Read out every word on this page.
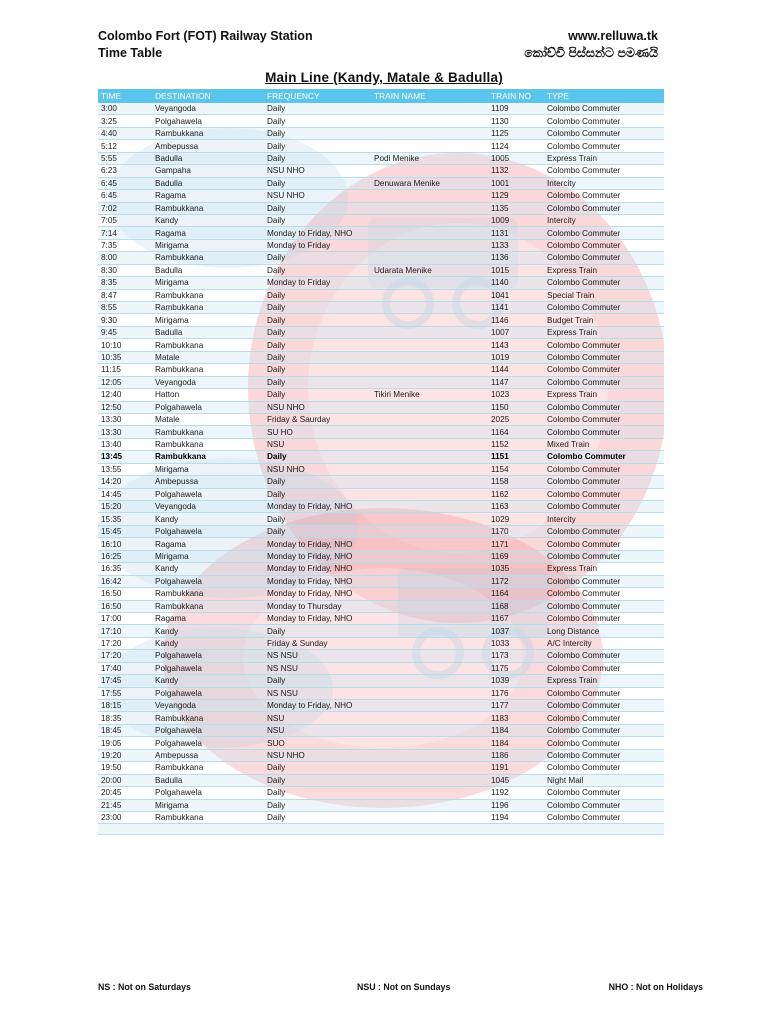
Colombo Fort (FOT) Railway Station
Time Table
www.relluwa.tk
කෝච්චි පිස්සන්ට පමණයි
Main Line (Kandy, Matale & Badulla)
TIME	DESTINATION	FREQUENCY	TRAIN NAME	TRAIN NO	TYPE
3:00	Veyangoda	Daily		1109	Colombo Commuter
3:25	Polgahawela	Daily		1130	Colombo Commuter
4:40	Rambukkana	Daily		1125	Colombo Commuter
5:12	Ambepussa	Daily		1124	Colombo Commuter
5:55	Badulla	Daily	Podi Menike	1005	Express Train
6:23	Gampaha	NSU NHO		1132	Colombo Commuter
6:45	Badulla	Daily	Denuwara Menike	1001	Intercity
6:45	Ragama	NSU NHO		1129	Colombo Commuter
7:02	Rambukkana	Daily		1135	Colombo Commuter
7:05	Kandy	Daily		1009	Intercity
7:14	Ragama	Monday to Friday, NHO		1131	Colombo Commuter
7:35	Mirigama	Monday to Friday		1133	Colombo Commuter
8:00	Rambukkana	Daily		1136	Colombo Commuter
8:30	Badulla	Daily	Udarata Menike	1015	Express Train
8:35	Mirigama	Monday to Friday		1140	Colombo Commuter
8:47	Rambukkana	Daily		1041	Special Train
8:55	Rambukkana	Daily		1141	Colombo Commuter
9:30	Mirigama	Daily		1146	Budget Train
9:45	Badulla	Daily		1007	Express Train
10:10	Rambukkana	Daily		1143	Colombo Commuter
10:35	Matale	Daily		1019	Colombo Commuter
11:15	Rambukkana	Daily		1144	Colombo Commuter
12:05	Veyangoda	Daily		1147	Colombo Commuter
12:40	Hatton	Daily	Tikiri Menike	1023	Express Train
12:50	Polgahawela	NSU NHO		1150	Colombo Commuter
13:30	Matale	Friday & Saurday		2025	Colombo Commuter
13:30	Rambukkana	SU HO		1164	Colombo Commuter
13:40	Rambukkana	NSU		1152	Mixed Train
13:45	Rambukkana	Daily		1151	Colombo Commuter
13:55	Mirigama	NSU NHO		1154	Colombo Commuter
14:20	Ambepussa	Daily		1158	Colombo Commuter
14:45	Polgahawela	Daily		1162	Colombo Commuter
15:20	Veyangoda	Monday to Friday, NHO		1163	Colombo Commuter
15:35	Kandy	Daily		1029	Intercity
15:45	Polgahawela	Daily		1170	Colombo Commuter
16:10	Ragama	Monday to Friday, NHO		1171	Colombo Commuter
16:25	Mirigama	Monday to Friday, NHO		1169	Colombo Commuter
16:35	Kandy	Monday to Friday, NHO		1035	Express Train
16:42	Polgahawela	Monday to Friday, NHO		1172	Colombo Commuter
16:50	Rambukkana	Monday to Friday, NHO		1164	Colombo Commuter
16:50	Rambukkana	Monday to Thursday		1168	Colombo Commuter
17:00	Ragama	Monday to Friday, NHO		1167	Colombo Commuter
17:10	Kandy	Daily		1037	Long Distance
17:20	Kandy	Friday & Sunday		1033	A/C Intercity
17:20	Polgahawela	NS NSU		1173	Colombo Commuter
17:40	Polgahawela	NS NSU		1175	Colombo Commuter
17:45	Kandy	Daily		1039	Express Train
17:55	Polgahawela	NS NSU		1176	Colombo Commuter
18:15	Veyangoda	Monday to Friday, NHO		1177	Colombo Commuter
18:35	Rambukkana	NSU		1183	Colombo Commuter
18:45	Polgahawela	NSU		1184	Colombo Commuter
19:05	Polgahawela	SUO		1184	Colombo Commuter
19:20	Ambepussa	NSU NHO		1186	Colombo Commuter
19:50	Rambukkana	Daily		1191	Colombo Commuter
20:00	Badulla	Daily		1045	Night Mail
20:45	Polgahawela	Daily		1192	Colombo Commuter
21:45	Mirigama	Daily		1196	Colombo Commuter
23:00	Rambukkana	Daily		1194	Colombo Commuter

NS : Not on Saturdays	NSU : Not on Sundays	NHO : Not on Holidays
